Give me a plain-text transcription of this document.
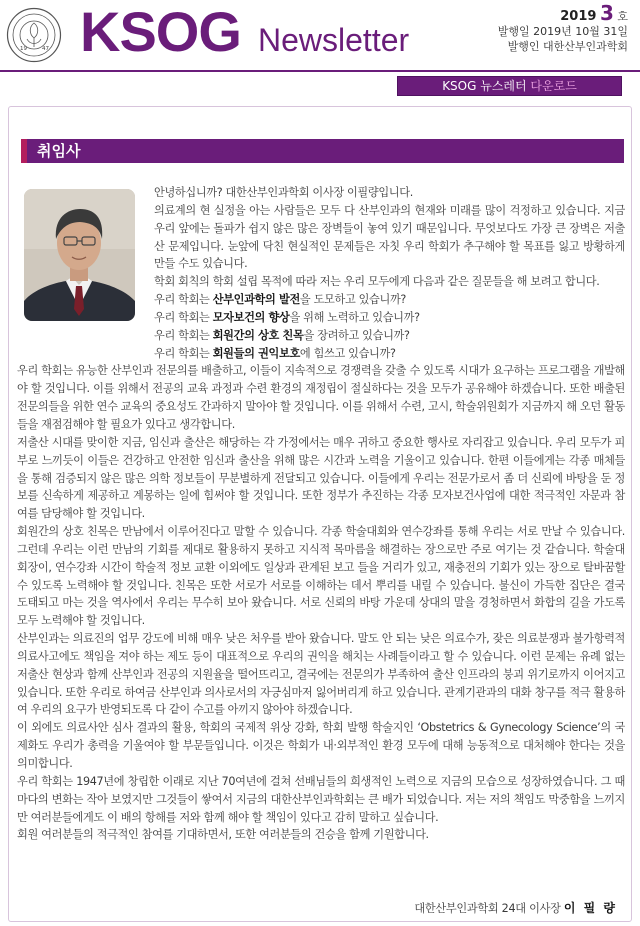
19	47 KSOG Newsletter
2019 3 호
발행일 2019년 10월 31일
발행인 대한산부인과학회
KSOG 뉴스레터 다운로드
취임사

안녕하십니까? 대한산부인과학회 이사장 이필량입니다.

의료계의 현 실정을 아는 사람들은 모두 다 산부인과의 현재와 미래를 많이 걱정하고 있습니다. 지금 우리 앞에는 돌파가 쉽지 않은 많은 장벽들이 놓여 있기 때문입니다. 무엇보다도 가장 큰 장벽은 저출산 문제입니다. 눈앞에 닥친 현실적인 문제들은 자칫 우리 학회가 추구해야 할 목표를 잃고 방황하게 만들 수도 있습니다.

학회 회칙의 학회 설립 목적에 따라 저는 우리 모두에게 다음과 같은 질문들을 해 보려고 합니다.

우리 학회는 산부인과학의 발전을 도모하고 있습니까?

우리 학회는 모자보건의 향상을 위해 노력하고 있습니까?

우리 학회는 회원간의 상호 친목을 장려하고 있습니까?

우리 학회는 회원들의 권익보호에 힘쓰고 있습니까?

우리 학회는 유능한 산부인과 전문의를 배출하고, 이들이 지속적으로 경쟁력을 갖출 수 있도록 시대가 요구하는 프로그램을 개발해야 할 것입니다. 이를 위해서 전공의 교육 과정과 수련 환경의 재정립이 절실하다는 것을 모두가 공유해야 하겠습니다. 또한 배출된 전문의들을 위한 연수 교육의 중요성도 간과하지 말아야 할 것입니다. 이를 위해서 수련, 고시, 학술위원회가 지금까지 해 오던 활동들을 재점검해야 할 필요가 있다고 생각합니다.

저출산 시대를 맞이한 지금, 임신과 출산은 해당하는 각 가정에서는 매우 귀하고 중요한 행사로 자리잡고 있습니다. 우리 모두가 피부로 느끼듯이 이들은 건강하고 안전한 임신과 출산을 위해 많은 시간과 노력을 기울이고 있습니다. 한편 이들에게는 각종 매체들을 통해 검증되지 않은 많은 의학 정보들이 무분별하게 전달되고 있습니다. 이들에게 우리는 전문가로서 좀 더 신뢰에 바탕을 둔 정보를 신속하게 제공하고 계몽하는 일에 힘써야 할 것입니다. 또한 정부가 추진하는 각종 모자보건사업에 대한 적극적인 자문과 참여를 담당해야 할 것입니다.

회원간의 상호 친목은 만남에서 이루어진다고 말할 수 있습니다. 각종 학술대회와 연수강좌를 통해 우리는 서로 만날 수 있습니다. 그런데 우리는 이런 만남의 기회를 제대로 활용하지 못하고 지식적 목마름을 해결하는 장으로만 주로 여기는 것 같습니다. 학술대회장이, 연수강좌 시간이 학술적 정보 교환 이외에도 일상과 관계된 보고 들을 거리가 있고, 재충전의 기회가 있는 장으로 탈바꿈할 수 있도록 노력해야 할 것입니다. 친목은 또한 서로가 서로를 이해하는 데서 뿌리를 내릴 수 있습니다. 불신이 가득한 집단은 결국 도태되고 마는 것을 역사에서 우리는 무수히 보아 왔습니다. 서로 신뢰의 바탕 가운데 상대의 말을 경청하면서 화합의 길을 가도록 모두 노력해야 할 것입니다.

산부인과는 의료진의 업무 강도에 비해 매우 낮은 처우를 받아 왔습니다. 말도 안 되는 낮은 의료수가, 잦은 의료분쟁과 불가항력적 의료사고에도 책임을 져야 하는 제도 등이 대표적으로 우리의 권익을 해치는 사례들이라고 할 수 있습니다. 이런 문제는 유례 없는 저출산 현상과 함께 산부인과 전공의 지원율을 떨어뜨리고, 결국에는 전문의가 부족하여 출산 인프라의 붕괴 위기로까지 이어지고 있습니다. 또한 우리로 하여금 산부인과 의사로서의 자긍심마저 잃어버리게 하고 있습니다. 관계기관과의 대화 창구를 적극 활용하여 우리의 요구가 반영되도록 다 같이 수고를 아끼지 않아야 하겠습니다.

이 외에도 의료사안 심사 결과의 활용, 학회의 국제적 위상 강화, 학회 발행 학술지인 ‘Obstetrics & Gynecology Science’의 국제화도 우리가 총력을 기울여야 할 부문들입니다. 이것은 학회가 내·외부적인 환경 모두에 대해 능동적으로 대처해야 한다는 것을 의미합니다.

우리 학회는 1947년에 창립한 이래로 지난 70여년에 걸쳐 선배님들의 희생적인 노력으로 지금의 모습으로 성장하였습니다. 그 때마다의 변화는 작아 보였지만 그것들이 쌓여서 지금의 대한산부인과학회는 큰 배가 되었습니다. 저는 저의 책임도 막중함을 느끼지만 여러분들에게도 이 배의 항해를 저와 함께 해야 할 책임이 있다고 감히 말하고 싶습니다.

회원 여러분들의 적극적인 참여를 기대하면서, 또한 여러분들의 건승을 함께 기원합니다.

대한산부인과학회 24대 이사장 이 필 량
